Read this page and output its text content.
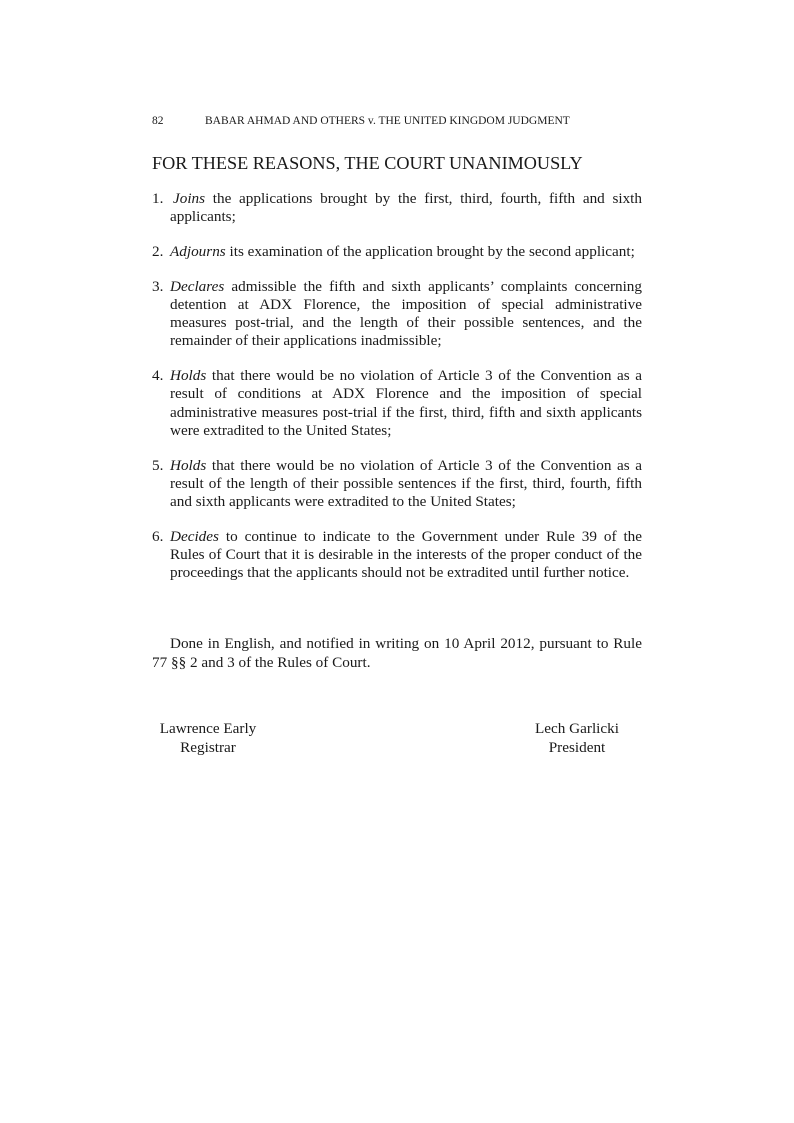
82	BABAR AHMAD AND OTHERS v. THE UNITED KINGDOM JUDGMENT
FOR THESE REASONS, THE COURT UNANIMOUSLY
1. Joins the applications brought by the first, third, fourth, fifth and sixth applicants;
2. Adjourns its examination of the application brought by the second applicant;
3. Declares admissible the fifth and sixth applicants’ complaints concerning detention at ADX Florence, the imposition of special administrative measures post-trial, and the length of their possible sentences, and the remainder of their applications inadmissible;
4. Holds that there would be no violation of Article 3 of the Convention as a result of conditions at ADX Florence and the imposition of special administrative measures post-trial if the first, third, fifth and sixth applicants were extradited to the United States;
5. Holds that there would be no violation of Article 3 of the Convention as a result of the length of their possible sentences if the first, third, fourth, fifth and sixth applicants were extradited to the United States;
6. Decides to continue to indicate to the Government under Rule 39 of the Rules of Court that it is desirable in the interests of the proper conduct of the proceedings that the applicants should not be extradited until further notice.
Done in English, and notified in writing on 10 April 2012, pursuant to Rule 77 §§ 2 and 3 of the Rules of Court.
Lawrence Early
Registrar
Lech Garlicki
President
